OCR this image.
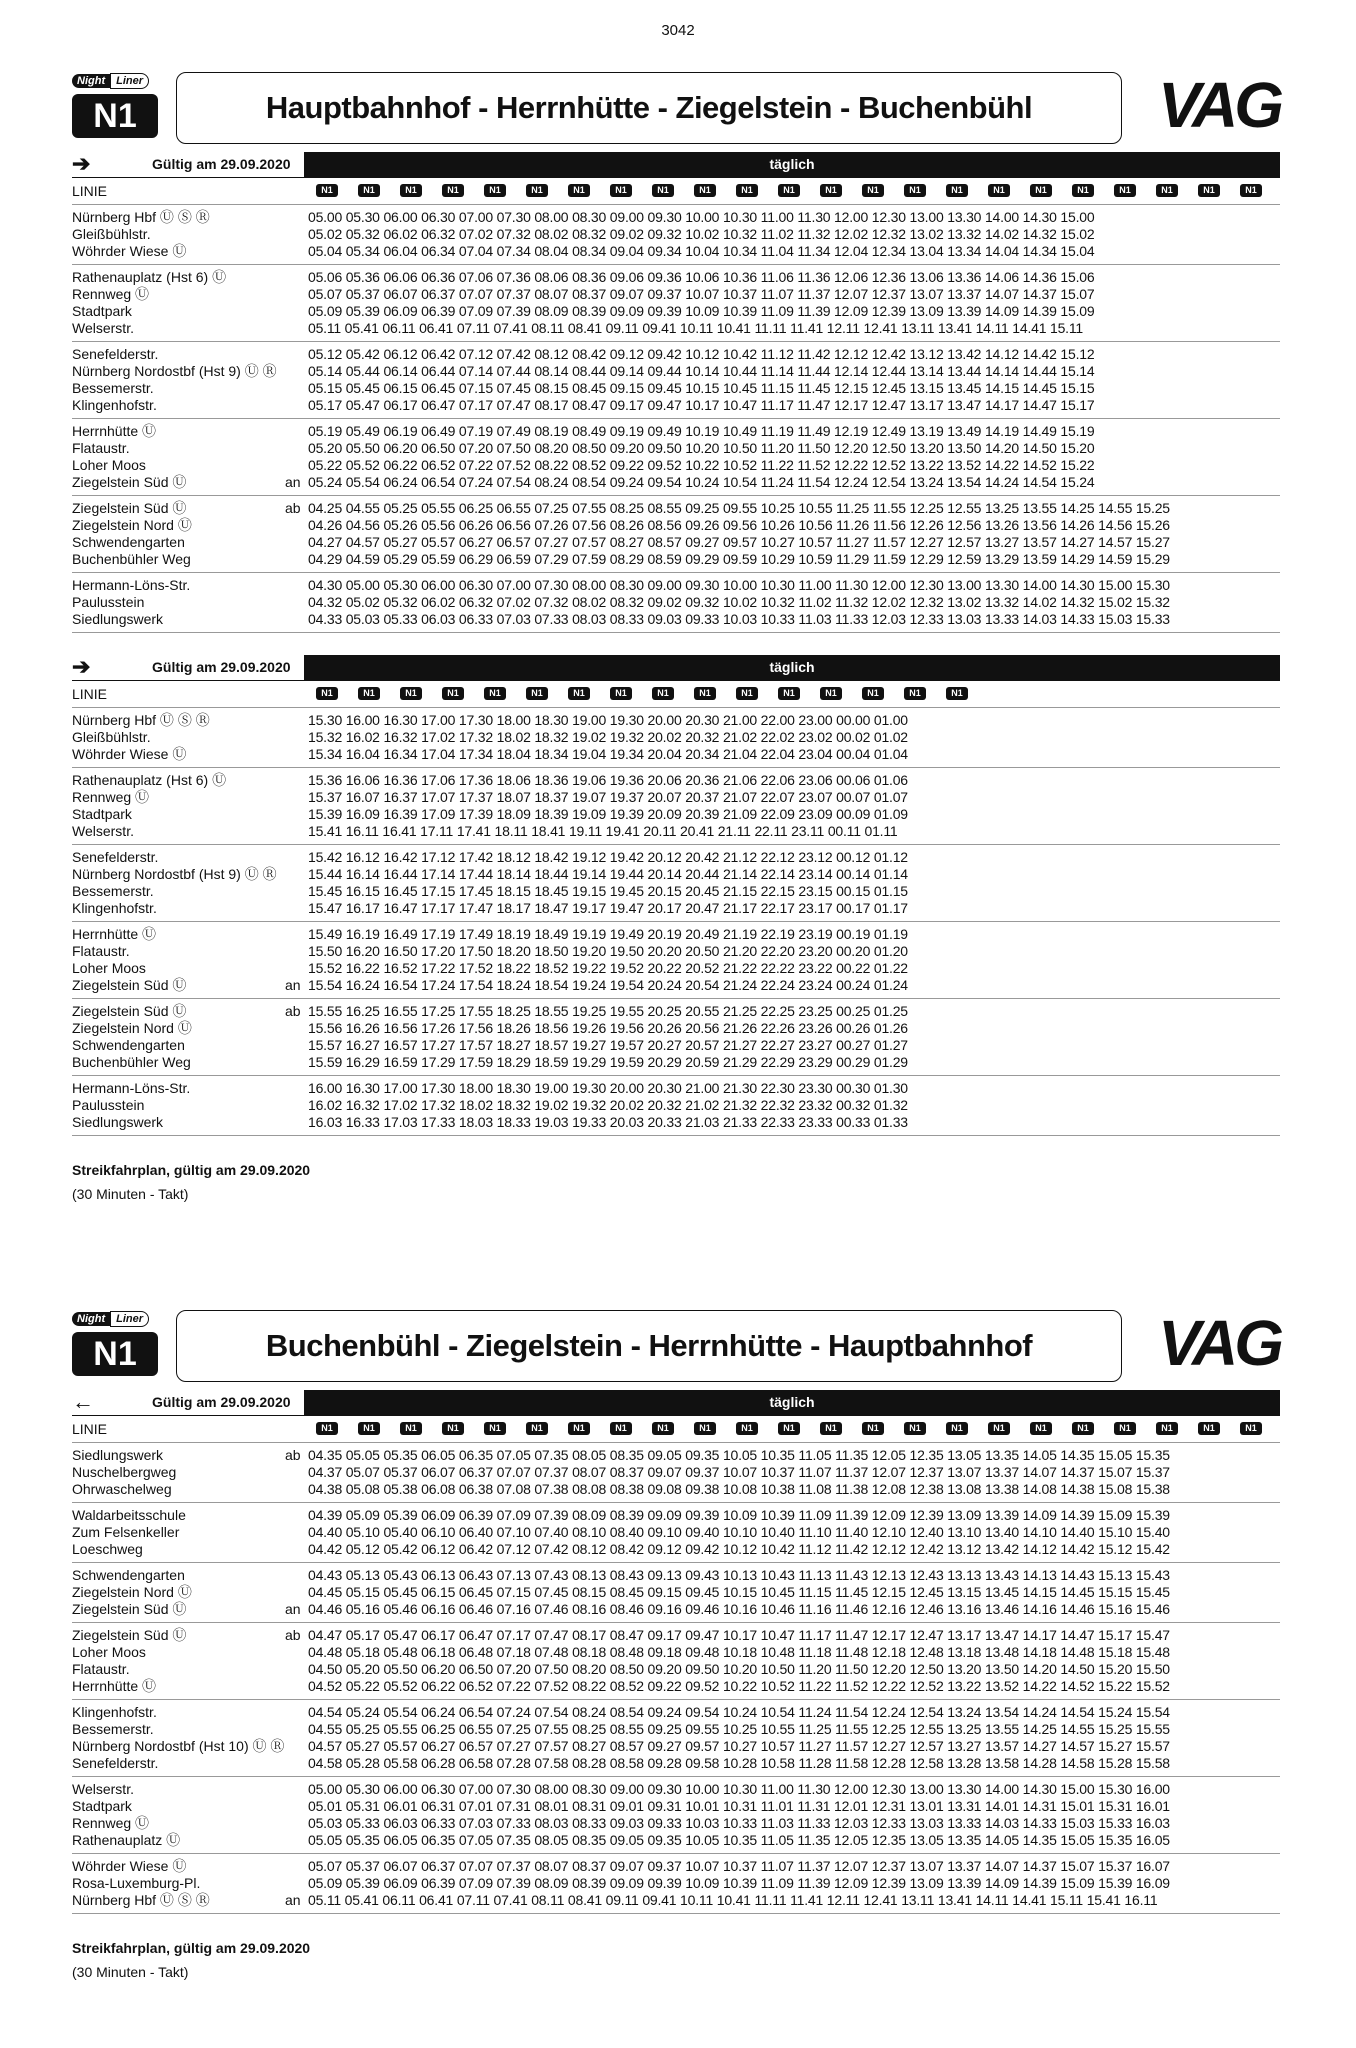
3042
Night	Liner
N1	Hauptbahnhof - Herrnhütte - Ziegelstein - Buchenbühl	VAG
➔	Gültig am 29.09.2020	täglich
LINIE	N1	N1	N1	N1	N1	N1	N1	N1	N1	N1	N1	N1	N1	N1	N1	N1	N1	N1	N1	N1	N1	N1	N1
Nürnberg Hbf Ⓤ Ⓢ Ⓡ	05.00 05.30 06.00 06.30 07.00 07.30 08.00 08.30 09.00 09.30 10.00 10.30 11.00 11.30 12.00 12.30 13.00 13.30 14.00 14.30 15.00
Gleißbühlstr.	05.02 05.32 06.02 06.32 07.02 07.32 08.02 08.32 09.02 09.32 10.02 10.32 11.02 11.32 12.02 12.32 13.02 13.32 14.02 14.32 15.02
Wöhrder Wiese Ⓤ	05.04 05.34 06.04 06.34 07.04 07.34 08.04 08.34 09.04 09.34 10.04 10.34 11.04 11.34 12.04 12.34 13.04 13.34 14.04 14.34 15.04
Rathenauplatz (Hst 6) Ⓤ	05.06 05.36 06.06 06.36 07.06 07.36 08.06 08.36 09.06 09.36 10.06 10.36 11.06 11.36 12.06 12.36 13.06 13.36 14.06 14.36 15.06
Rennweg Ⓤ	05.07 05.37 06.07 06.37 07.07 07.37 08.07 08.37 09.07 09.37 10.07 10.37 11.07 11.37 12.07 12.37 13.07 13.37 14.07 14.37 15.07
Stadtpark	05.09 05.39 06.09 06.39 07.09 07.39 08.09 08.39 09.09 09.39 10.09 10.39 11.09 11.39 12.09 12.39 13.09 13.39 14.09 14.39 15.09
Welserstr.	05.11 05.41 06.11 06.41 07.11 07.41 08.11 08.41 09.11 09.41 10.11 10.41 11.11 11.41 12.11 12.41 13.11 13.41 14.11 14.41 15.11
Senefelderstr.	05.12 05.42 06.12 06.42 07.12 07.42 08.12 08.42 09.12 09.42 10.12 10.42 11.12 11.42 12.12 12.42 13.12 13.42 14.12 14.42 15.12
Nürnberg Nordostbf (Hst 9) Ⓤ Ⓡ 05.14 05.44 06.14 06.44 07.14 07.44 08.14 08.44 09.14 09.44 10.14 10.44 11.14 11.44 12.14 12.44 13.14 13.44 14.14 14.44 15.14
Bessemerstr.	05.15 05.45 06.15 06.45 07.15 07.45 08.15 08.45 09.15 09.45 10.15 10.45 11.15 11.45 12.15 12.45 13.15 13.45 14.15 14.45 15.15
Klingenhofstr.	05.17 05.47 06.17 06.47 07.17 07.47 08.17 08.47 09.17 09.47 10.17 10.47 11.17 11.47 12.17 12.47 13.17 13.47 14.17 14.47 15.17
Herrnhütte Ⓤ	05.19 05.49 06.19 06.49 07.19 07.49 08.19 08.49 09.19 09.49 10.19 10.49 11.19 11.49 12.19 12.49 13.19 13.49 14.19 14.49 15.19
Flataustr.	05.20 05.50 06.20 06.50 07.20 07.50 08.20 08.50 09.20 09.50 10.20 10.50 11.20 11.50 12.20 12.50 13.20 13.50 14.20 14.50 15.20
Loher Moos	05.22 05.52 06.22 06.52 07.22 07.52 08.22 08.52 09.22 09.52 10.22 10.52 11.22 11.52 12.22 12.52 13.22 13.52 14.22 14.52 15.22
Ziegelstein Süd Ⓤ	an 05.24 05.54 06.24 06.54 07.24 07.54 08.24 08.54 09.24 09.54 10.24 10.54 11.24 11.54 12.24 12.54 13.24 13.54 14.24 14.54 15.24
Ziegelstein Süd Ⓤ	ab 04.25 04.55 05.25 05.55 06.25 06.55 07.25 07.55 08.25 08.55 09.25 09.55 10.25 10.55 11.25 11.55 12.25 12.55 13.25 13.55 14.25 14.55 15.25
Ziegelstein Nord Ⓤ	04.26 04.56 05.26 05.56 06.26 06.56 07.26 07.56 08.26 08.56 09.26 09.56 10.26 10.56 11.26 11.56 12.26 12.56 13.26 13.56 14.26 14.56 15.26
Schwendengarten	04.27 04.57 05.27 05.57 06.27 06.57 07.27 07.57 08.27 08.57 09.27 09.57 10.27 10.57 11.27 11.57 12.27 12.57 13.27 13.57 14.27 14.57 15.27
Buchenbühler Weg	04.29 04.59 05.29 05.59 06.29 06.59 07.29 07.59 08.29 08.59 09.29 09.59 10.29 10.59 11.29 11.59 12.29 12.59 13.29 13.59 14.29 14.59 15.29
Hermann-Löns-Str.	04.30 05.00 05.30 06.00 06.30 07.00 07.30 08.00 08.30 09.00 09.30 10.00 10.30 11.00 11.30 12.00 12.30 13.00 13.30 14.00 14.30 15.00 15.30
Paulusstein	04.32 05.02 05.32 06.02 06.32 07.02 07.32 08.02 08.32 09.02 09.32 10.02 10.32 11.02 11.32 12.02 12.32 13.02 13.32 14.02 14.32 15.02 15.32
Siedlungswerk	04.33 05.03 05.33 06.03 06.33 07.03 07.33 08.03 08.33 09.03 09.33 10.03 10.33 11.03 11.33 12.03 12.33 13.03 13.33 14.03 14.33 15.03 15.33
➔	Gültig am 29.09.2020	täglich
LINIE	N1	N1	N1	N1	N1	N1	N1	N1	N1	N1	N1	N1	N1	N1	N1	N1
Nürnberg Hbf Ⓤ Ⓢ Ⓡ	15.30 16.00 16.30 17.00 17.30 18.00 18.30 19.00 19.30 20.00 20.30 21.00 22.00 23.00 00.00 01.00
Gleißbühlstr.	15.32 16.02 16.32 17.02 17.32 18.02 18.32 19.02 19.32 20.02 20.32 21.02 22.02 23.02 00.02 01.02
Wöhrder Wiese Ⓤ	15.34 16.04 16.34 17.04 17.34 18.04 18.34 19.04 19.34 20.04 20.34 21.04 22.04 23.04 00.04 01.04
Rathenauplatz (Hst 6) Ⓤ	15.36 16.06 16.36 17.06 17.36 18.06 18.36 19.06 19.36 20.06 20.36 21.06 22.06 23.06 00.06 01.06
Rennweg Ⓤ	15.37 16.07 16.37 17.07 17.37 18.07 18.37 19.07 19.37 20.07 20.37 21.07 22.07 23.07 00.07 01.07
Stadtpark	15.39 16.09 16.39 17.09 17.39 18.09 18.39 19.09 19.39 20.09 20.39 21.09 22.09 23.09 00.09 01.09
Welserstr.	15.41 16.11 16.41 17.11 17.41 18.11 18.41 19.11 19.41 20.11 20.41 21.11 22.11 23.11 00.11 01.11
Senefelderstr.	15.42 16.12 16.42 17.12 17.42 18.12 18.42 19.12 19.42 20.12 20.42 21.12 22.12 23.12 00.12 01.12
Nürnberg Nordostbf (Hst 9) Ⓤ Ⓡ 15.44 16.14 16.44 17.14 17.44 18.14 18.44 19.14 19.44 20.14 20.44 21.14 22.14 23.14 00.14 01.14
Bessemerstr.	15.45 16.15 16.45 17.15 17.45 18.15 18.45 19.15 19.45 20.15 20.45 21.15 22.15 23.15 00.15 01.15
Klingenhofstr.	15.47 16.17 16.47 17.17 17.47 18.17 18.47 19.17 19.47 20.17 20.47 21.17 22.17 23.17 00.17 01.17
Herrnhütte Ⓤ	15.49 16.19 16.49 17.19 17.49 18.19 18.49 19.19 19.49 20.19 20.49 21.19 22.19 23.19 00.19 01.19
Flataustr.	15.50 16.20 16.50 17.20 17.50 18.20 18.50 19.20 19.50 20.20 20.50 21.20 22.20 23.20 00.20 01.20
Loher Moos	15.52 16.22 16.52 17.22 17.52 18.22 18.52 19.22 19.52 20.22 20.52 21.22 22.22 23.22 00.22 01.22
Ziegelstein Süd Ⓤ	an 15.54 16.24 16.54 17.24 17.54 18.24 18.54 19.24 19.54 20.24 20.54 21.24 22.24 23.24 00.24 01.24
Ziegelstein Süd Ⓤ	ab 15.55 16.25 16.55 17.25 17.55 18.25 18.55 19.25 19.55 20.25 20.55 21.25 22.25 23.25 00.25 01.25
Ziegelstein Nord Ⓤ	15.56 16.26 16.56 17.26 17.56 18.26 18.56 19.26 19.56 20.26 20.56 21.26 22.26 23.26 00.26 01.26
Schwendengarten	15.57 16.27 16.57 17.27 17.57 18.27 18.57 19.27 19.57 20.27 20.57 21.27 22.27 23.27 00.27 01.27
Buchenbühler Weg	15.59 16.29 16.59 17.29 17.59 18.29 18.59 19.29 19.59 20.29 20.59 21.29 22.29 23.29 00.29 01.29
Hermann-Löns-Str.	16.00 16.30 17.00 17.30 18.00 18.30 19.00 19.30 20.00 20.30 21.00 21.30 22.30 23.30 00.30 01.30
Paulusstein	16.02 16.32 17.02 17.32 18.02 18.32 19.02 19.32 20.02 20.32 21.02 21.32 22.32 23.32 00.32 01.32
Siedlungswerk	16.03 16.33 17.03 17.33 18.03 18.33 19.03 19.33 20.03 20.33 21.03 21.33 22.33 23.33 00.33 01.33
Streikfahrplan, gültig am 29.09.2020
(30 Minuten - Takt)
Night	Liner
N1	Buchenbühl - Ziegelstein - Herrnhütte - Hauptbahnhof	VAG
←	Gültig am 29.09.2020	täglich
LINIE	N1	N1	N1	N1	N1	N1	N1	N1	N1	N1	N1	N1	N1	N1	N1	N1	N1	N1	N1	N1	N1	N1	N1
Siedlungswerk	ab 04.35 05.05 05.35 06.05 06.35 07.05 07.35 08.05 08.35 09.05 09.35 10.05 10.35 11.05 11.35 12.05 12.35 13.05 13.35 14.05 14.35 15.05 15.35
Nuschelbergweg	04.37 05.07 05.37 06.07 06.37 07.07 07.37 08.07 08.37 09.07 09.37 10.07 10.37 11.07 11.37 12.07 12.37 13.07 13.37 14.07 14.37 15.07 15.37
Ohrwaschelweg	04.38 05.08 05.38 06.08 06.38 07.08 07.38 08.08 08.38 09.08 09.38 10.08 10.38 11.08 11.38 12.08 12.38 13.08 13.38 14.08 14.38 15.08 15.38
Waldarbeitsschule	04.39 05.09 05.39 06.09 06.39 07.09 07.39 08.09 08.39 09.09 09.39 10.09 10.39 11.09 11.39 12.09 12.39 13.09 13.39 14.09 14.39 15.09 15.39
Zum Felsenkeller	04.40 05.10 05.40 06.10 06.40 07.10 07.40 08.10 08.40 09.10 09.40 10.10 10.40 11.10 11.40 12.10 12.40 13.10 13.40 14.10 14.40 15.10 15.40
Loeschweg	04.42 05.12 05.42 06.12 06.42 07.12 07.42 08.12 08.42 09.12 09.42 10.12 10.42 11.12 11.42 12.12 12.42 13.12 13.42 14.12 14.42 15.12 15.42
Schwendengarten	04.43 05.13 05.43 06.13 06.43 07.13 07.43 08.13 08.43 09.13 09.43 10.13 10.43 11.13 11.43 12.13 12.43 13.13 13.43 14.13 14.43 15.13 15.43
Ziegelstein Nord Ⓤ	04.45 05.15 05.45 06.15 06.45 07.15 07.45 08.15 08.45 09.15 09.45 10.15 10.45 11.15 11.45 12.15 12.45 13.15 13.45 14.15 14.45 15.15 15.45
Ziegelstein Süd Ⓤ	an 04.46 05.16 05.46 06.16 06.46 07.16 07.46 08.16 08.46 09.16 09.46 10.16 10.46 11.16 11.46 12.16 12.46 13.16 13.46 14.16 14.46 15.16 15.46
Ziegelstein Süd Ⓤ	ab 04.47 05.17 05.47 06.17 06.47 07.17 07.47 08.17 08.47 09.17 09.47 10.17 10.47 11.17 11.47 12.17 12.47 13.17 13.47 14.17 14.47 15.17 15.47
Loher Moos	04.48 05.18 05.48 06.18 06.48 07.18 07.48 08.18 08.48 09.18 09.48 10.18 10.48 11.18 11.48 12.18 12.48 13.18 13.48 14.18 14.48 15.18 15.48
Flataustr.	04.50 05.20 05.50 06.20 06.50 07.20 07.50 08.20 08.50 09.20 09.50 10.20 10.50 11.20 11.50 12.20 12.50 13.20 13.50 14.20 14.50 15.20 15.50
Herrnhütte Ⓤ	04.52 05.22 05.52 06.22 06.52 07.22 07.52 08.22 08.52 09.22 09.52 10.22 10.52 11.22 11.52 12.22 12.52 13.22 13.52 14.22 14.52 15.22 15.52
Klingenhofstr.	04.54 05.24 05.54 06.24 06.54 07.24 07.54 08.24 08.54 09.24 09.54 10.24 10.54 11.24 11.54 12.24 12.54 13.24 13.54 14.24 14.54 15.24 15.54
Bessemerstr.	04.55 05.25 05.55 06.25 06.55 07.25 07.55 08.25 08.55 09.25 09.55 10.25 10.55 11.25 11.55 12.25 12.55 13.25 13.55 14.25 14.55 15.25 15.55
Nürnberg Nordostbf (Hst 10) Ⓤ Ⓡ 04.57 05.27 05.57 06.27 06.57 07.27 07.57 08.27 08.57 09.27 09.57 10.27 10.57 11.27 11.57 12.27 12.57 13.27 13.57 14.27 14.57 15.27 15.57
Senefelderstr.	04.58 05.28 05.58 06.28 06.58 07.28 07.58 08.28 08.58 09.28 09.58 10.28 10.58 11.28 11.58 12.28 12.58 13.28 13.58 14.28 14.58 15.28 15.58
Welserstr.	05.00 05.30 06.00 06.30 07.00 07.30 08.00 08.30 09.00 09.30 10.00 10.30 11.00 11.30 12.00 12.30 13.00 13.30 14.00 14.30 15.00 15.30 16.00
Stadtpark	05.01 05.31 06.01 06.31 07.01 07.31 08.01 08.31 09.01 09.31 10.01 10.31 11.01 11.31 12.01 12.31 13.01 13.31 14.01 14.31 15.01 15.31 16.01
Rennweg Ⓤ	05.03 05.33 06.03 06.33 07.03 07.33 08.03 08.33 09.03 09.33 10.03 10.33 11.03 11.33 12.03 12.33 13.03 13.33 14.03 14.33 15.03 15.33 16.03
Rathenauplatz Ⓤ	05.05 05.35 06.05 06.35 07.05 07.35 08.05 08.35 09.05 09.35 10.05 10.35 11.05 11.35 12.05 12.35 13.05 13.35 14.05 14.35 15.05 15.35 16.05
Wöhrder Wiese Ⓤ	05.07 05.37 06.07 06.37 07.07 07.37 08.07 08.37 09.07 09.37 10.07 10.37 11.07 11.37 12.07 12.37 13.07 13.37 14.07 14.37 15.07 15.37 16.07
Rosa-Luxemburg-Pl.	05.09 05.39 06.09 06.39 07.09 07.39 08.09 08.39 09.09 09.39 10.09 10.39 11.09 11.39 12.09 12.39 13.09 13.39 14.09 14.39 15.09 15.39 16.09
Nürnberg Hbf Ⓤ Ⓢ Ⓡ	an 05.11 05.41 06.11 06.41 07.11 07.41 08.11 08.41 09.11 09.41 10.11 10.41 11.11 11.41 12.11 12.41 13.11 13.41 14.11 14.41 15.11 15.41 16.11
Streikfahrplan, gültig am 29.09.2020
(30 Minuten - Takt)
